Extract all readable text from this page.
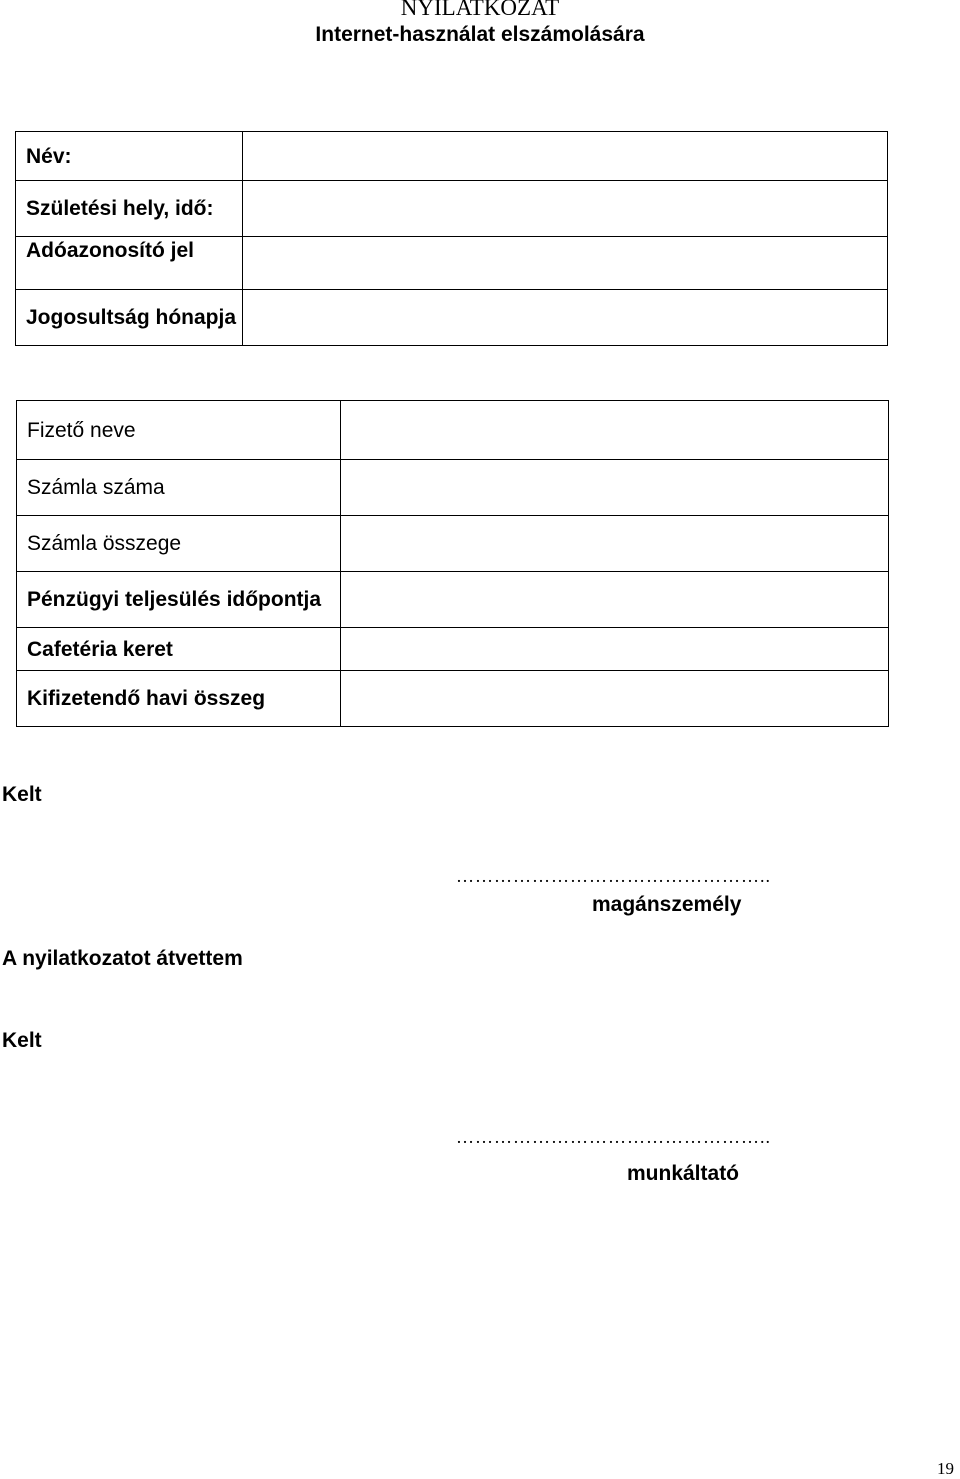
NYILATKOZAT
Internet-használat elszámolására
Név:	
Születési hely, idő:	
Adóazonosító jel	
Jogosultság hónapja	
Fizető neve	
Számla száma	
Számla összege	
Pénzügyi teljesülés időpontja	
Cafetéria keret	
Kifizetendő havi összeg	
Kelt
…………………………………………..
magánszemély
A nyilatkozatot átvettem
Kelt
…………………………………………..
munkáltató
19
